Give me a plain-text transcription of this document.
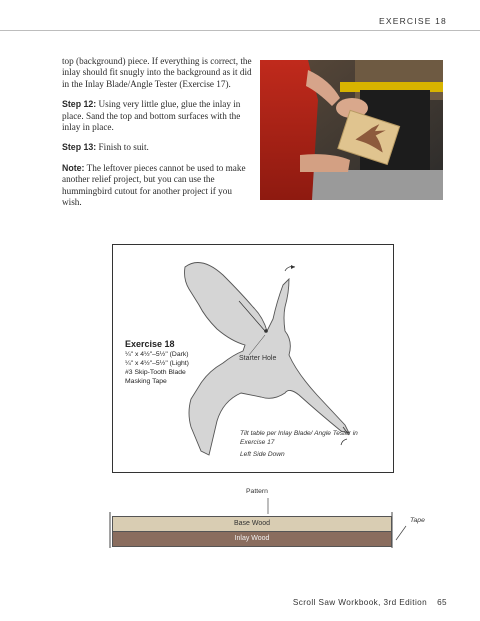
EXERCISE 18

top (background) piece. If everything is correct, the inlay should fit snugly into the background as it did in the Inlay Blade/Angle Tester (Exercise 17).

Step 12: Using very little glue, glue the inlay in place. Sand the top and bottom surfaces with the inlay in place.

Step 13: Finish to suit.

Note: The leftover pieces cannot be used to make another relief project, but you can use the hummingbird cutout for another project if you wish.

Exercise 18
¼" x 4½"–5½" (Dark)
¼" x 4½"–5½" (Light)
#3 Skip-Tooth Blade
Masking Tape
Starter Hole
Tilt table per Inlay Blade/ Angle Tester in Exercise 17
Left Side Down
Pattern
Base Wood
Inlay Wood
Tape
Scroll Saw Workbook, 3rd Edition 65
